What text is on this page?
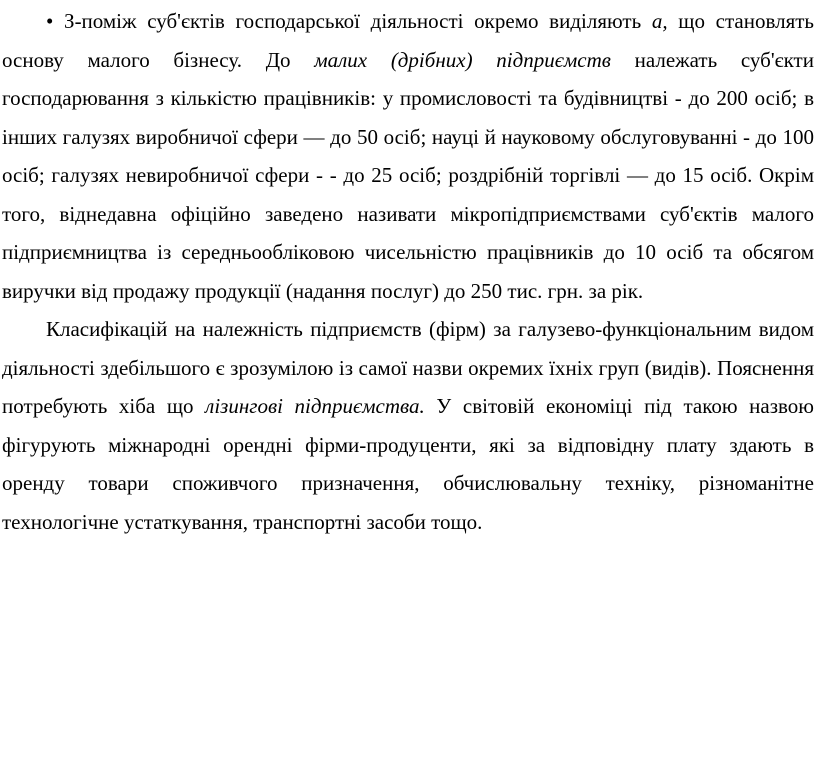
• З-поміж суб'єктів господарської діяльності окремо виділяють а, що становлять основу малого бізнесу. До малих (дрібних) підприємств належать суб'єкти господарювання з кількістю працівників: у промисловості та будівництві - до 200 осіб; в інших галузях виробничої сфери — до 50 осіб; науці й науковому обслуговуванні - до 100 осіб; галузях невиробничої сфери - - до 25 осіб; роздрібній торгівлі — до 15 осіб. Окрім того, віднедавна офіційно заведено називати мікропідприємствами суб'єктів малого підприємництва із середньообліковою чисельністю працівників до 10 осіб та обсягом виручки від продажу продукції (надання послуг) до 250 тис. грн. за рік.

Класифікацій на належність підприємств (фірм) за галузево-функціональним видом діяльності здебільшого є зрозумілою із самої назви окремих їхніх груп (видів). Пояснення потребують хіба що лізингові підприємства. У світовій економіці під такою назвою фігурують міжнародні орендні фірми-продуценти, які за відповідну плату здають в оренду товари споживчого призначення, обчислювальну техніку, різноманітне технологічне устаткування, транспортні засоби тощо.
